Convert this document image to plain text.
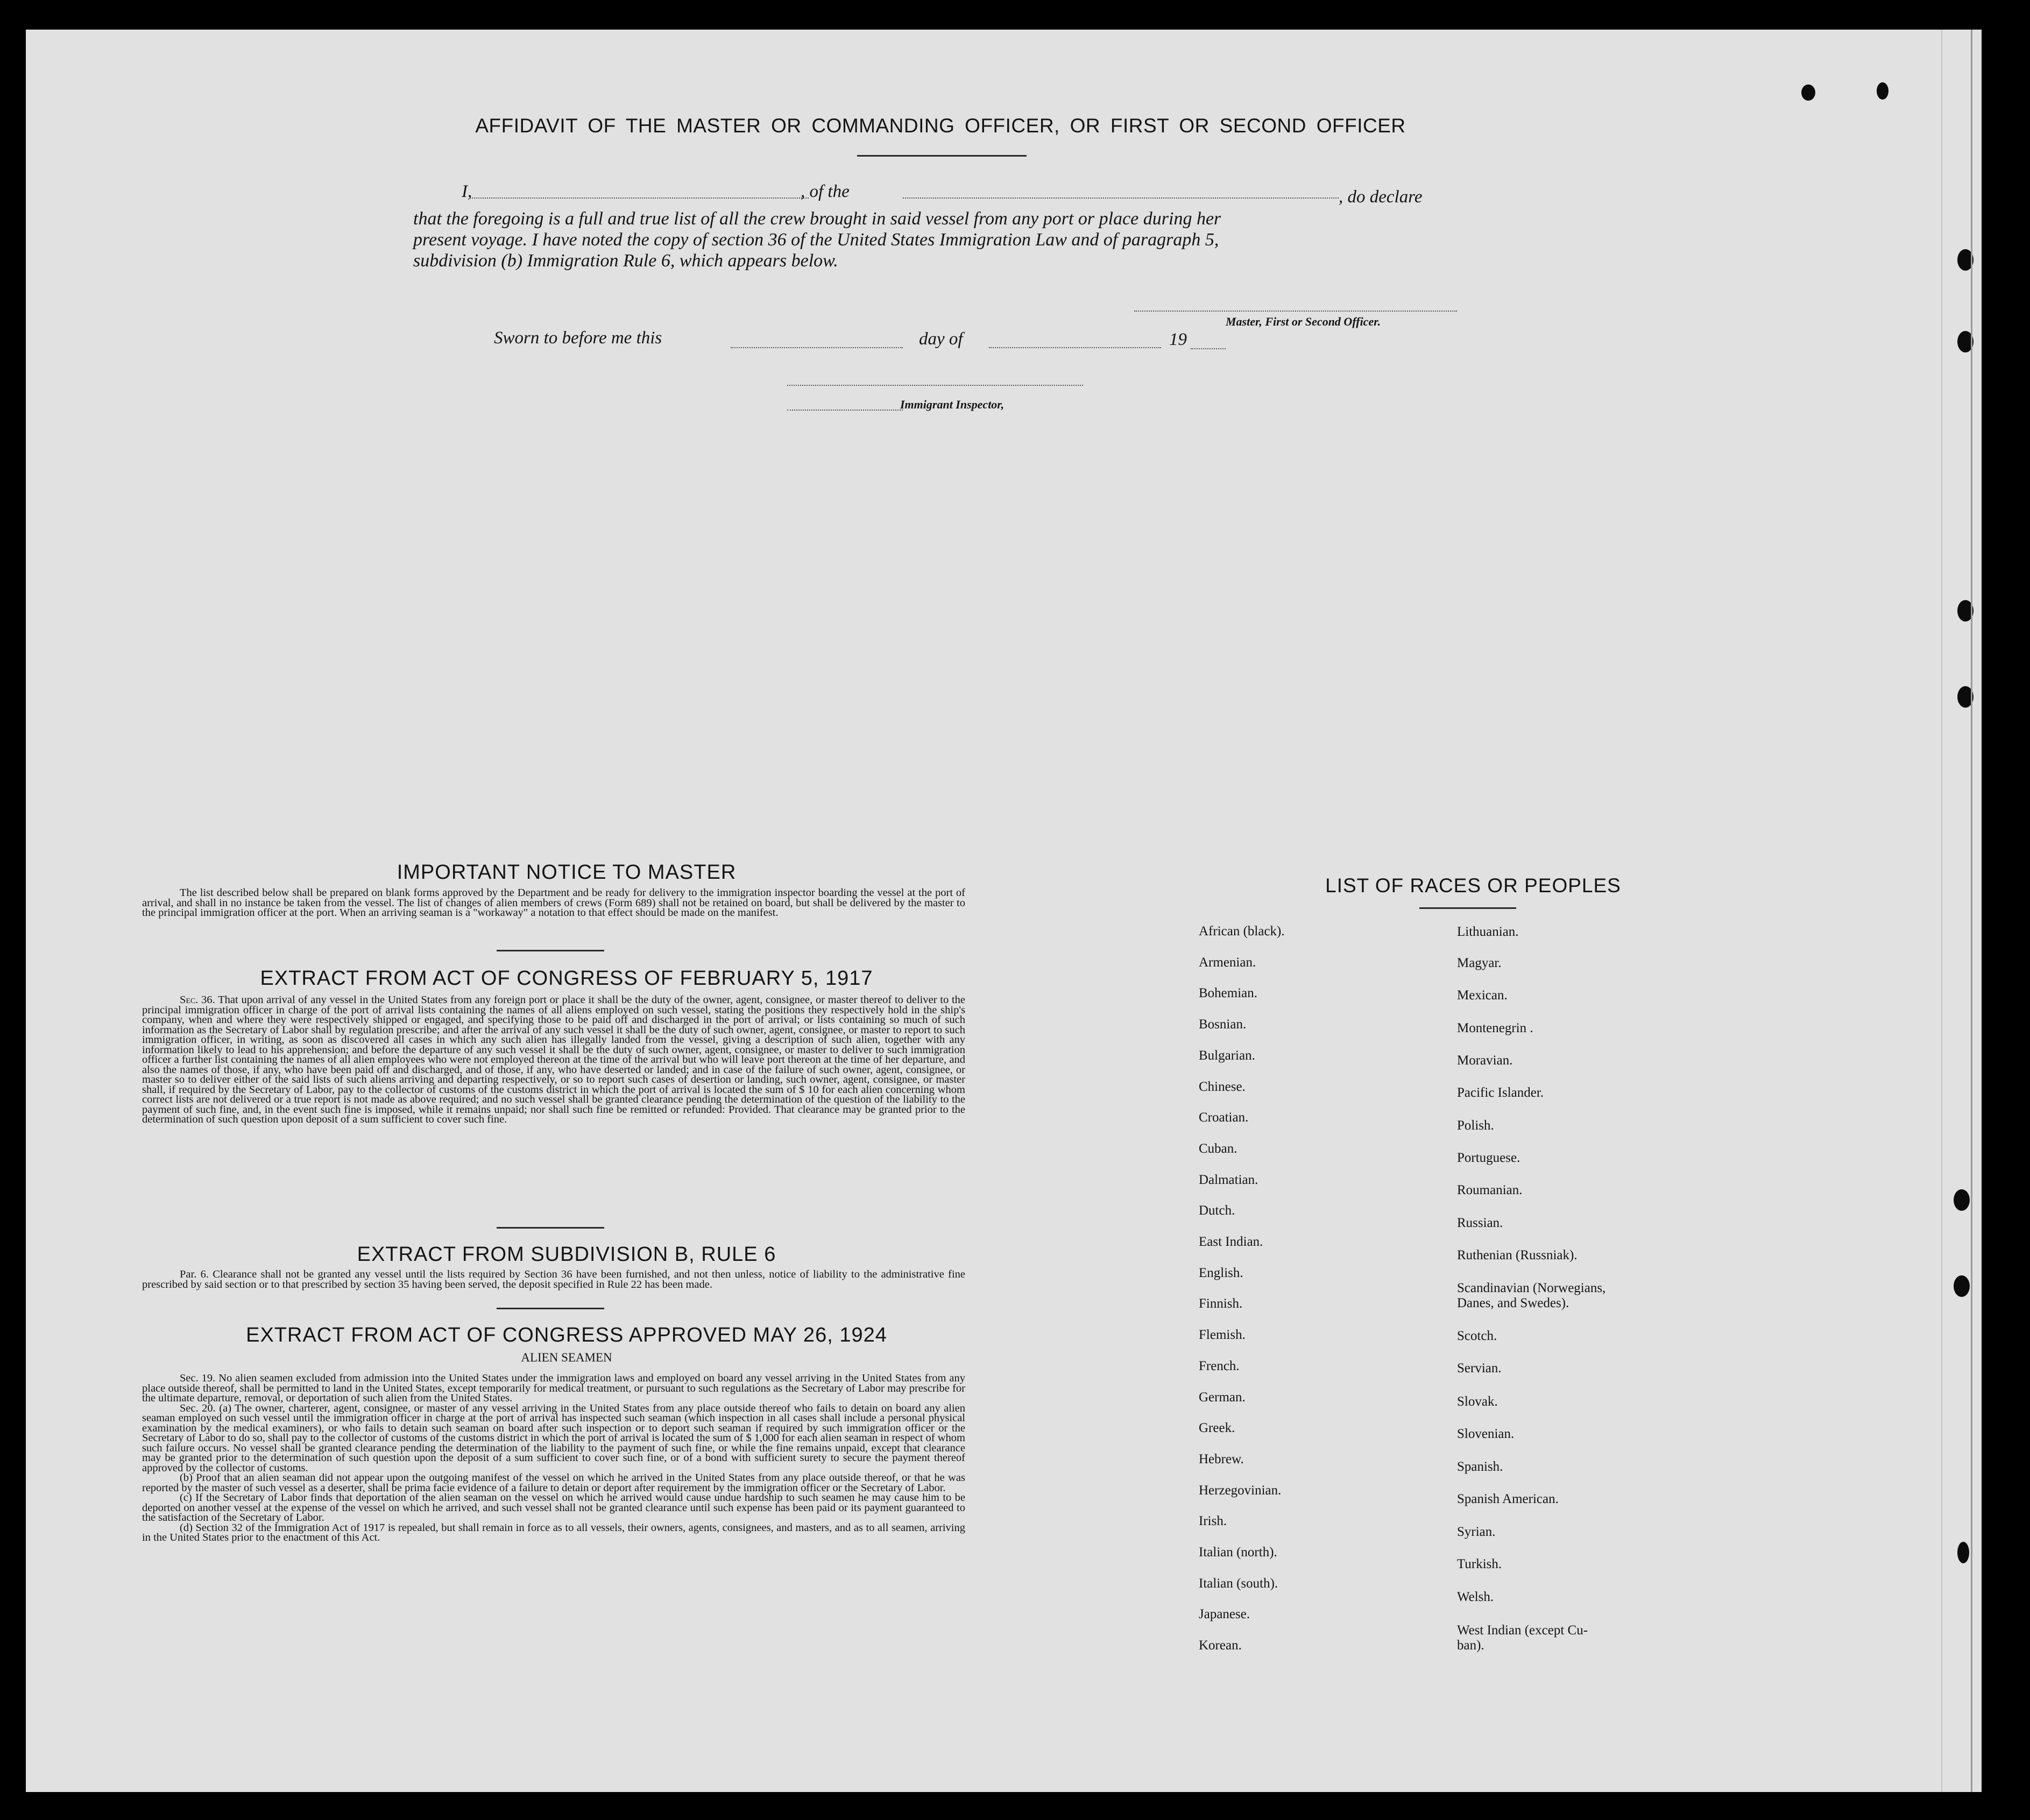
AFFIDAVIT OF THE MASTER OR COMMANDING OFFICER, OR FIRST OR SECOND OFFICER
I,	, of the	, do declare
that the foregoing is a full and true list of all the crew brought in said vessel from any port or place during her
present voyage. I have noted the copy of section 36 of the United States Immigration Law and of paragraph 5,
subdivision (b) Immigration Rule 6, which appears below.
Master, First or Second Officer.
Sworn to before me this	day of	19
Immigrant Inspector,
IMPORTANT NOTICE TO MASTER

The list described below shall be prepared on blank forms approved by the Department and be ready for delivery to the immigration inspector boarding the vessel at the port of arrival, and shall in no instance be taken from the vessel. The list of changes of alien members of crews (Form 689) shall not be retained on board, but shall be delivered by the master to the principal immigration officer at the port. When an arriving seaman is a "workaway" a notation to that effect should be made on the manifest.

EXTRACT FROM ACT OF CONGRESS OF FEBRUARY 5, 1917

Sec. 36. That upon arrival of any vessel in the United States from any foreign port or place it shall be the duty of the owner, agent, consignee, or master thereof to deliver to the principal immigration officer in charge of the port of arrival lists containing the names of all aliens employed on such vessel, stating the positions they respectively hold in the ship's company, when and where they were respectively shipped or engaged, and specifying those to be paid off and discharged in the port of arrival; or lists containing so much of such information as the Secretary of Labor shall by regulation prescribe; and after the arrival of any such vessel it shall be the duty of such owner, agent, consignee, or master to report to such immigration officer, in writing, as soon as discovered all cases in which any such alien has illegally landed from the vessel, giving a description of such alien, together with any information likely to lead to his apprehension; and before the departure of any such vessel it shall be the duty of such owner, agent, consignee, or master to deliver to such immigration officer a further list containing the names of all alien employees who were not employed thereon at the time of the arrival but who will leave port thereon at the time of her departure, and also the names of those, if any, who have been paid off and discharged, and of those, if any, who have deserted or landed; and in case of the failure of such owner, agent, consignee, or master so to deliver either of the said lists of such aliens arriving and departing respectively, or so to report such cases of desertion or landing, such owner, agent, consignee, or master shall, if required by the Secretary of Labor, pay to the collector of customs of the customs district in which the port of arrival is located the sum of $ 10 for each alien concerning whom correct lists are not delivered or a true report is not made as above required; and no such vessel shall be granted clearance pending the determination of the question of the liability to the payment of such fine, and, in the event such fine is imposed, while it remains unpaid; nor shall such fine be remitted or refunded: Provided. That clearance may be granted prior to the determination of such question upon deposit of a sum sufficient to cover such fine.

EXTRACT FROM SUBDIVISION B, RULE 6

Par. 6. Clearance shall not be granted any vessel until the lists required by Section 36 have been furnished, and not then unless, notice of liability to the administrative fine prescribed by said section or to that prescribed by section 35 having been served, the deposit specified in Rule 22 has been made.

EXTRACT FROM ACT OF CONGRESS APPROVED MAY 26, 1924
ALIEN SEAMEN

Sec. 19. No alien seamen excluded from admission into the United States under the immigration laws and employed on board any vessel arriving in the United States from any place outside thereof, shall be permitted to land in the United States, except temporarily for medical treatment, or pursuant to such regulations as the Secretary of Labor may prescribe for the ultimate departure, removal, or deportation of such alien from the United States.

Sec. 20. (a) The owner, charterer, agent, consignee, or master of any vessel arriving in the United States from any place outside thereof who fails to detain on board any alien seaman employed on such vessel until the immigration officer in charge at the port of arrival has inspected such seaman (which inspection in all cases shall include a personal physical examination by the medical examiners), or who fails to detain such seaman on board after such inspection or to deport such seaman if required by such immigration officer or the Secretary of Labor to do so, shall pay to the collector of customs of the customs district in which the port of arrival is located the sum of $ 1,000 for each alien seaman in respect of whom such failure occurs. No vessel shall be granted clearance pending the determination of the liability to the payment of such fine, or while the fine remains unpaid, except that clearance may be granted prior to the determination of such question upon the deposit of a sum sufficient to cover such fine, or of a bond with sufficient surety to secure the payment thereof approved by the collector of customs.

(b) Proof that an alien seaman did not appear upon the outgoing manifest of the vessel on which he arrived in the United States from any place outside thereof, or that he was reported by the master of such vessel as a deserter, shall be prima facie evidence of a failure to detain or deport after requirement by the immigration officer or the Secretary of Labor.

(c) If the Secretary of Labor finds that deportation of the alien seaman on the vessel on which he arrived would cause undue hardship to such seamen he may cause him to be deported on another vessel at the expense of the vessel on which he arrived, and such vessel shall not be granted clearance until such expense has been paid or its payment guaranteed to the satisfaction of the Secretary of Labor.

(d) Section 32 of the Immigration Act of 1917 is repealed, but shall remain in force as to all vessels, their owners, agents, consignees, and masters, and as to all seamen, arriving in the United States prior to the enactment of this Act.

LIST OF RACES OR PEOPLES
African (black).
Armenian.
Bohemian.
Bosnian.
Bulgarian.
Chinese.
Croatian.
Cuban.
Dalmatian.
Dutch.
East Indian.
English.
Finnish.
Flemish.
French.
German.
Greek.
Hebrew.
Herzegovinian.
Irish.
Italian (north).
Italian (south).
Japanese.
Korean.
Lithuanian.
Magyar.
Mexican.
Montenegrin .
Moravian.
Pacific Islander.
Polish.
Portuguese.
Roumanian.
Russian.
Ruthenian (Russniak).
Scandinavian (Norwegians,
Danes, and Swedes).
Scotch.
Servian.
Slovak.
Slovenian.
Spanish.
Spanish American.
Syrian.
Turkish.
Welsh.
West Indian (except Cu-
ban).
